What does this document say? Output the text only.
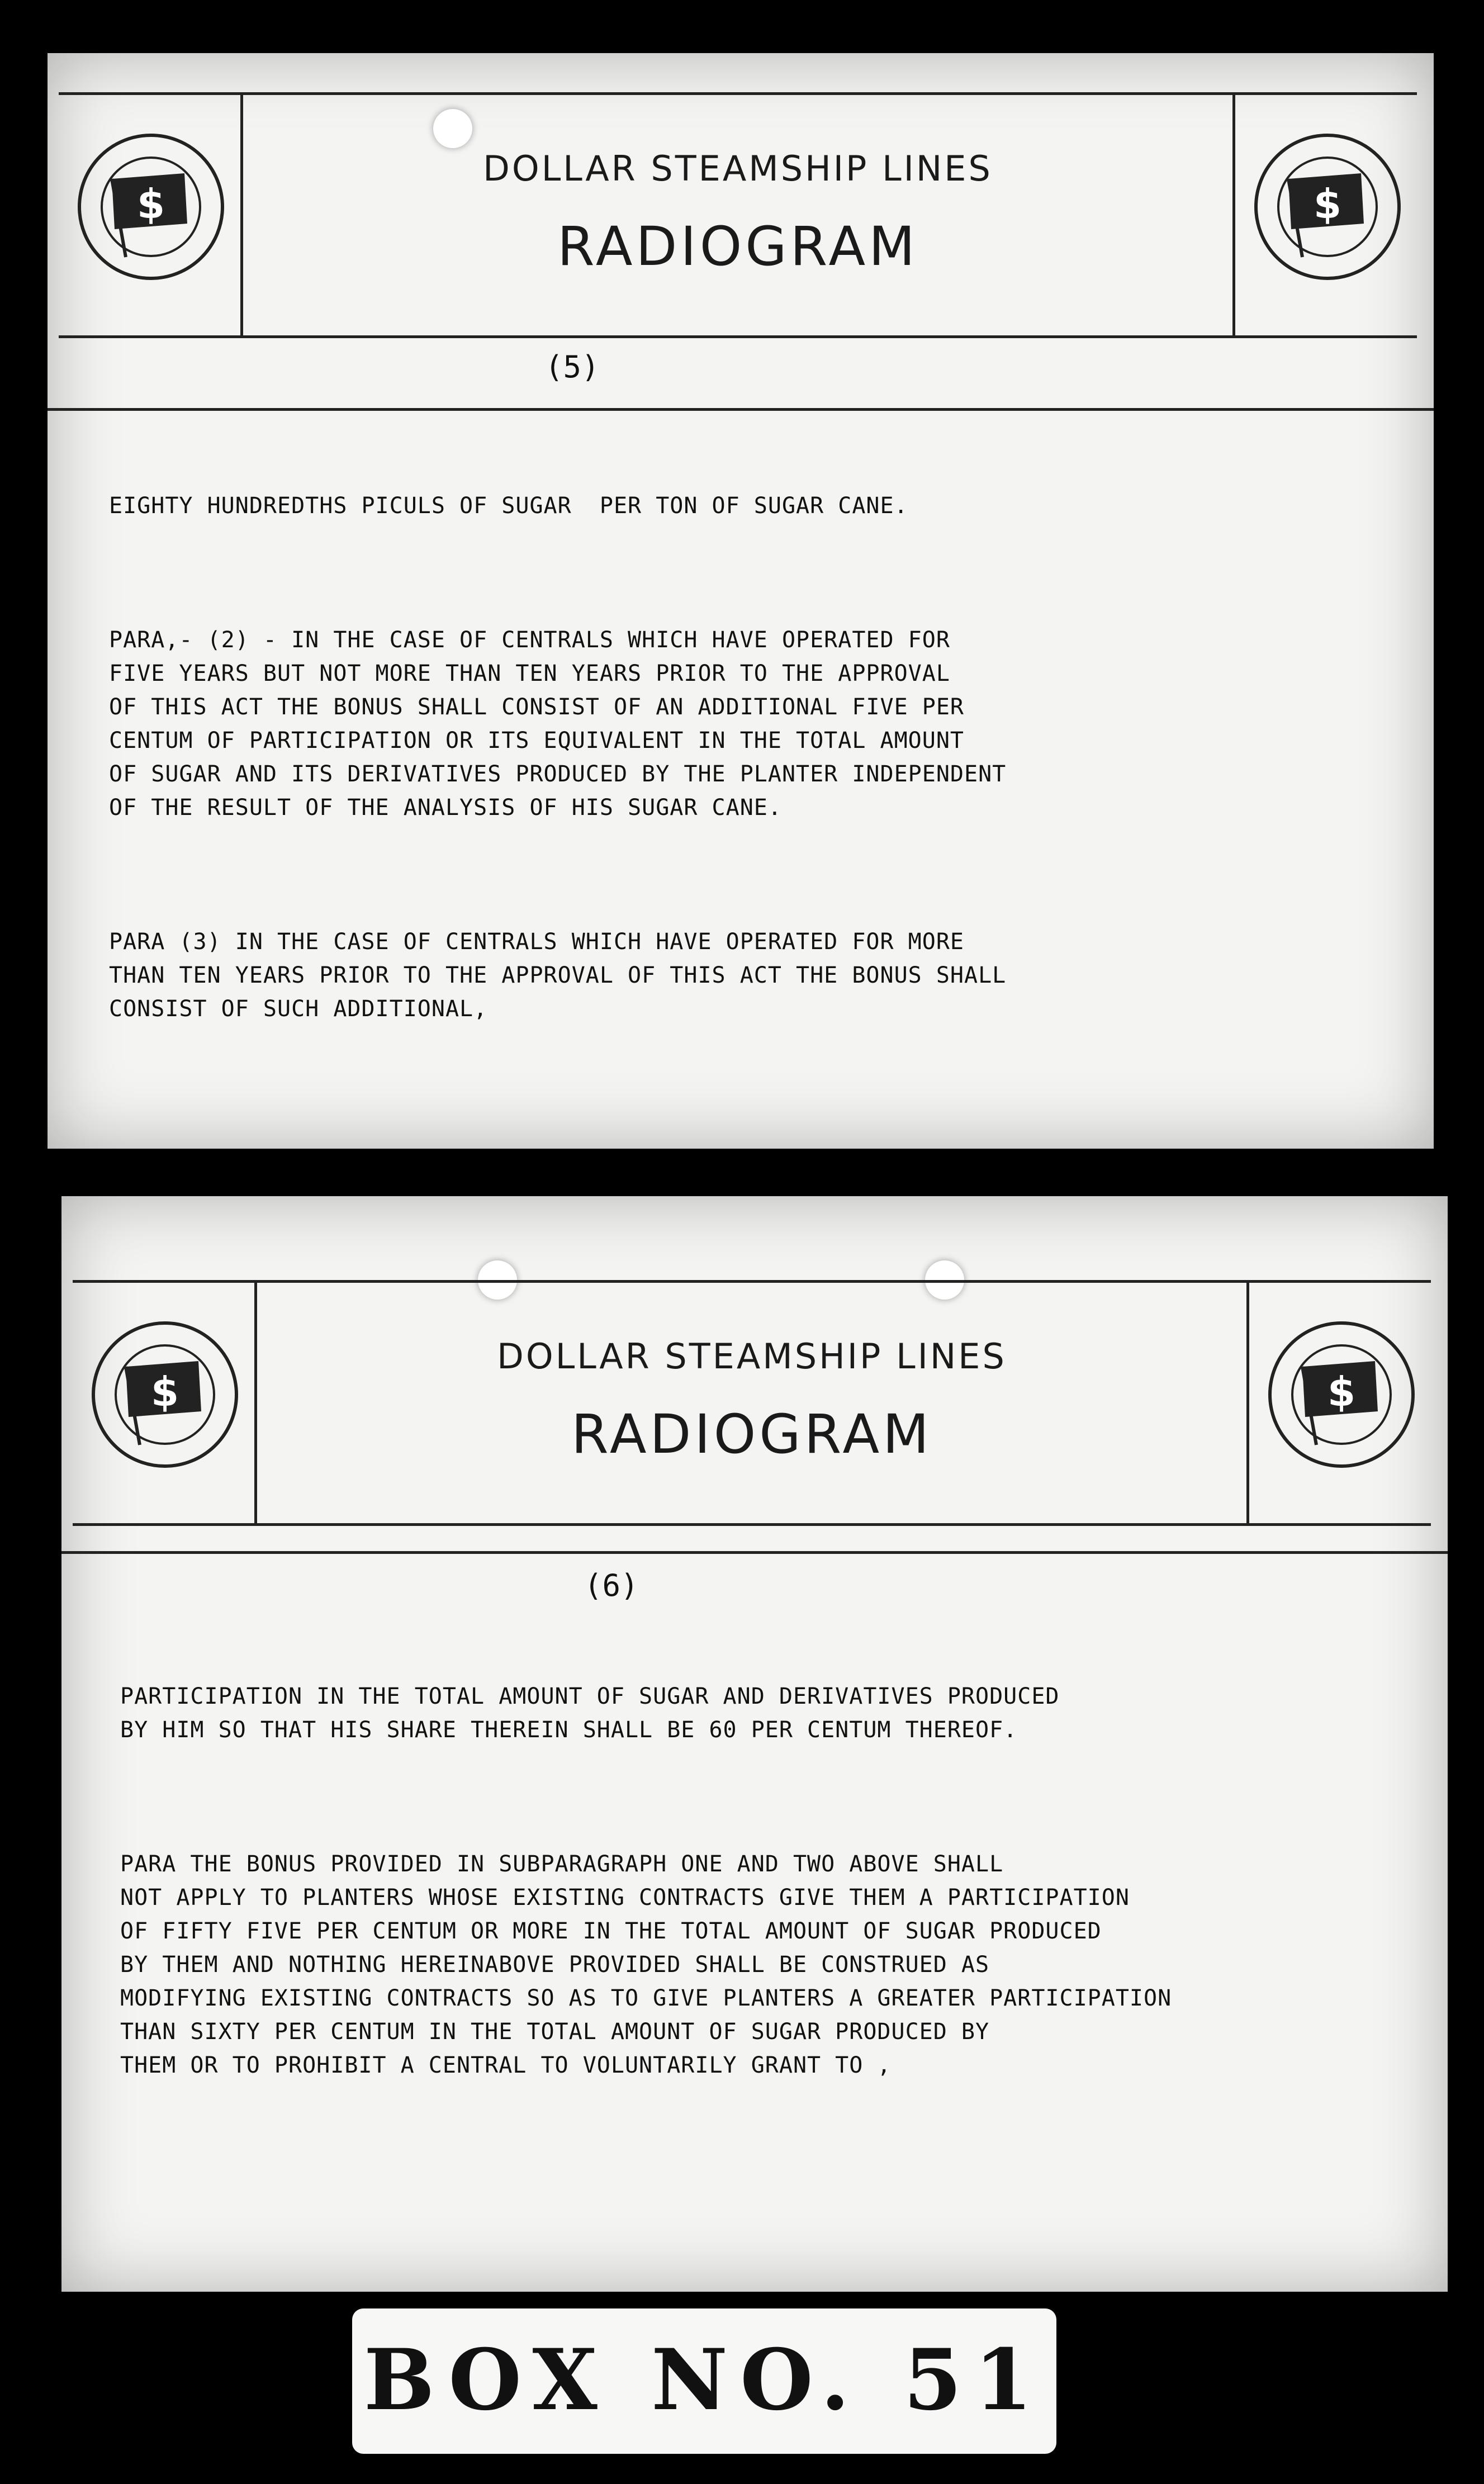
$
DOLLAR STEAMSHIP LINES
RADIOGRAM
$
(5)

EIGHTY HUNDREDTHS PICULS OF SUGAR  PER TON OF SUGAR CANE.

PARA,- (2) - IN THE CASE OF CENTRALS WHICH HAVE OPERATED FOR
FIVE YEARS BUT NOT MORE THAN TEN YEARS PRIOR TO THE APPROVAL
OF THIS ACT THE BONUS SHALL CONSIST OF AN ADDITIONAL FIVE PER
CENTUM OF PARTICIPATION OR ITS EQUIVALENT IN THE TOTAL AMOUNT
OF SUGAR AND ITS DERIVATIVES PRODUCED BY THE PLANTER INDEPENDENT
OF THE RESULT OF THE ANALYSIS OF HIS SUGAR CANE.

PARA (3) IN THE CASE OF CENTRALS WHICH HAVE OPERATED FOR MORE
THAN TEN YEARS PRIOR TO THE APPROVAL OF THIS ACT THE BONUS SHALL
CONSIST OF SUCH ADDITIONAL,

$
DOLLAR STEAMSHIP LINES
RADIOGRAM
$
(6)

PARTICIPATION IN THE TOTAL AMOUNT OF SUGAR AND DERIVATIVES PRODUCED
BY HIM SO THAT HIS SHARE THEREIN SHALL BE 60 PER CENTUM THEREOF.

PARA THE BONUS PROVIDED IN SUBPARAGRAPH ONE AND TWO ABOVE SHALL
NOT APPLY TO PLANTERS WHOSE EXISTING CONTRACTS GIVE THEM A PARTICIPATION
OF FIFTY FIVE PER CENTUM OR MORE IN THE TOTAL AMOUNT OF SUGAR PRODUCED
BY THEM AND NOTHING HEREINABOVE PROVIDED SHALL BE CONSTRUED AS
MODIFYING EXISTING CONTRACTS SO AS TO GIVE PLANTERS A GREATER PARTICIPATION
THAN SIXTY PER CENTUM IN THE TOTAL AMOUNT OF SUGAR PRODUCED BY
THEM OR TO PROHIBIT A CENTRAL TO VOLUNTARILY GRANT TO ,

BOX NO. 51
